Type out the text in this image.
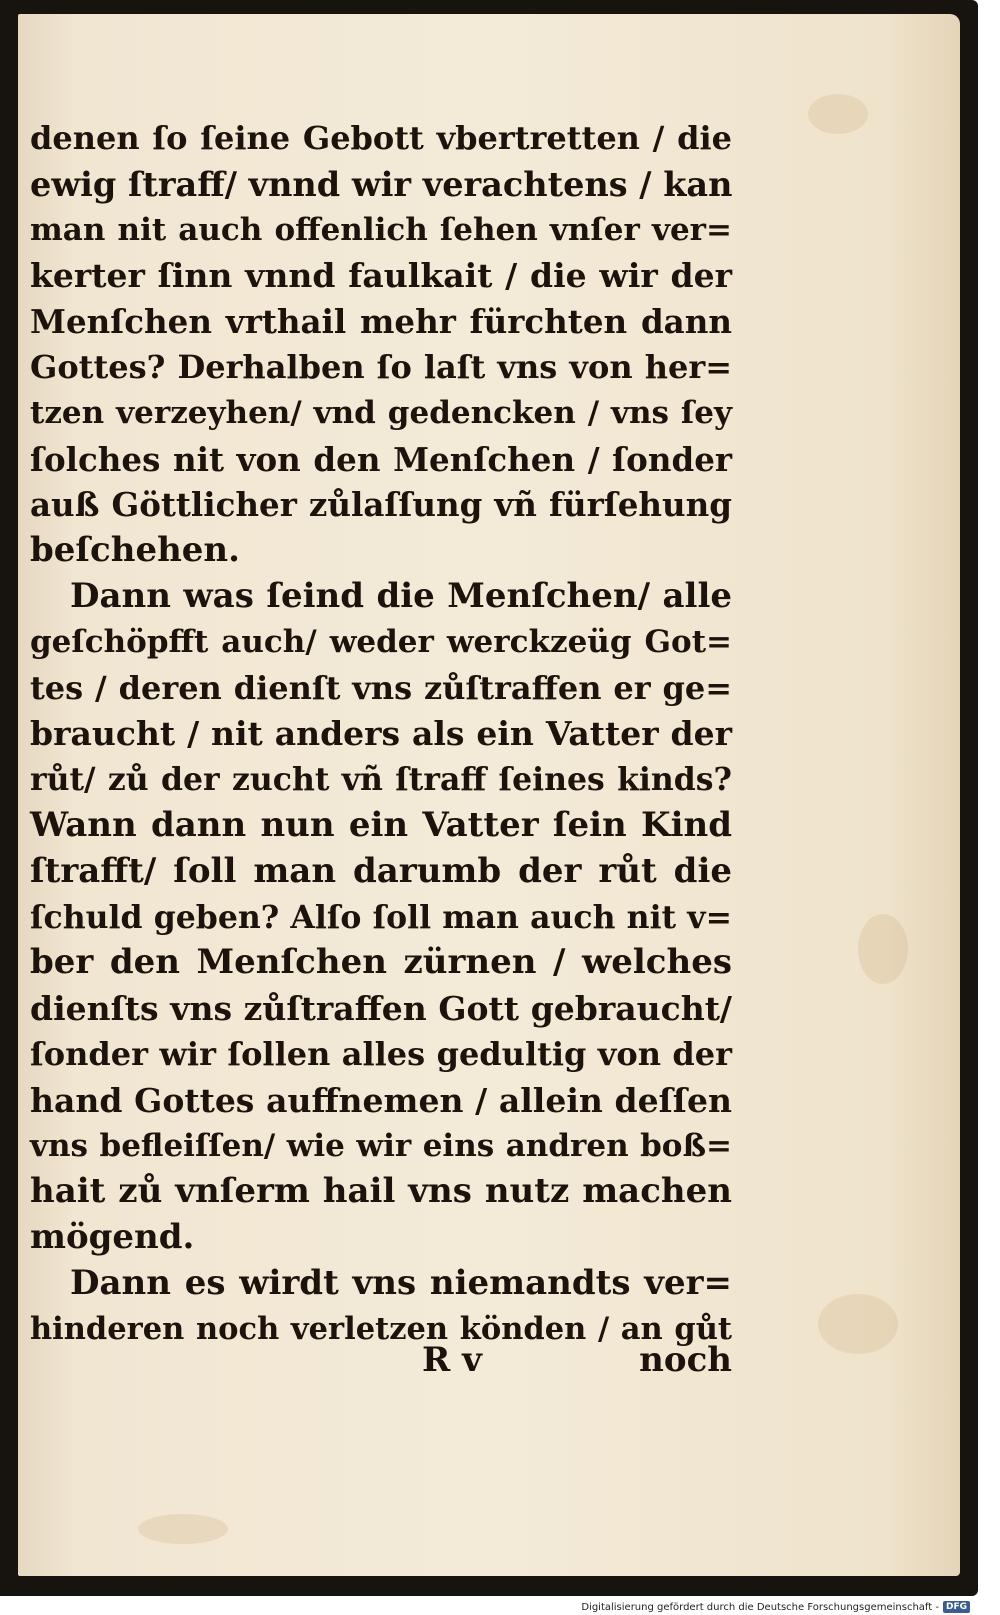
denen ſo ſeine Gebott vbertretten / die
ewig ſtraff/ vnnd wir verachtens / kan
man nit auch offenlich ſehen vnſer ver=
kerter ſinn vnnd faulkait / die wir der
Menſchen vrthail mehr fürchten dann
Gottes? Derhalben ſo laſt vns von her=
tzen verzeyhen/ vnd gedencken / vns ſey
ſolches nit von den Menſchen / ſonder
auß Göttlicher zůlaſſung vñ fürſehung
beſchehen.
Dann was ſeind die Menſchen/ alle
geſchöpfft auch/ weder werckzeüg Got=
tes / deren dienſt vns zůſtraffen er ge=
braucht / nit anders als ein Vatter der
růt/ zů der zucht vñ ſtraff ſeines kinds?
Wann dann nun ein Vatter ſein Kind
ſtrafft/ ſoll man darumb der růt die
ſchuld geben? Alſo ſoll man auch nit v=
ber den Menſchen zürnen / welches
dienſts vns zůſtraffen Gott gebraucht/
ſonder wir ſollen alles gedultig von der
hand Gottes auffnemen / allein deſſen
vns befleiſſen/ wie wir eins andren boß=
hait zů vnſerm hail vns nutz machen
mögend.
Dann es wirdt vns niemandts ver=
hinderen noch verletzen könden / an gůt
R v	noch
Digitalisierung gefördert durch die Deutsche Forschungsgemeinschaft - DFG
